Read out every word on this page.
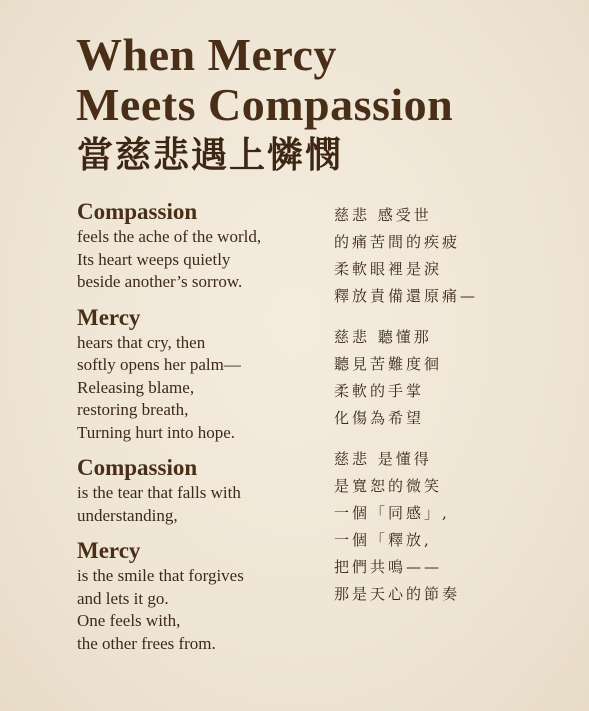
When Mercy
Meets Compassion
當慈悲遇上憐憫
Compassion
feels the ache of the world,
Its heart weeps quietly
beside another’s sorrow.
Mercy
hears that cry, then
softly opens her palm—
Releasing blame,
restoring breath,
Turning hurt into hope.
Compassion
is the tear that falls with
understanding,
Mercy
is the smile that forgives
and lets it go.
One feels with,
the other frees from.
慈悲 感受世
的痛苦間的疾疲
柔軟眼裡是淚
釋放責備還原痛—
慈悲 聽懂那
聽見苦難度徊
柔軟的手掌
化傷為希望
慈悲 是懂得
是寬恕的微笑
一個「同感」,
一個「釋放,
把們共鳴——
那是天心的節奏
